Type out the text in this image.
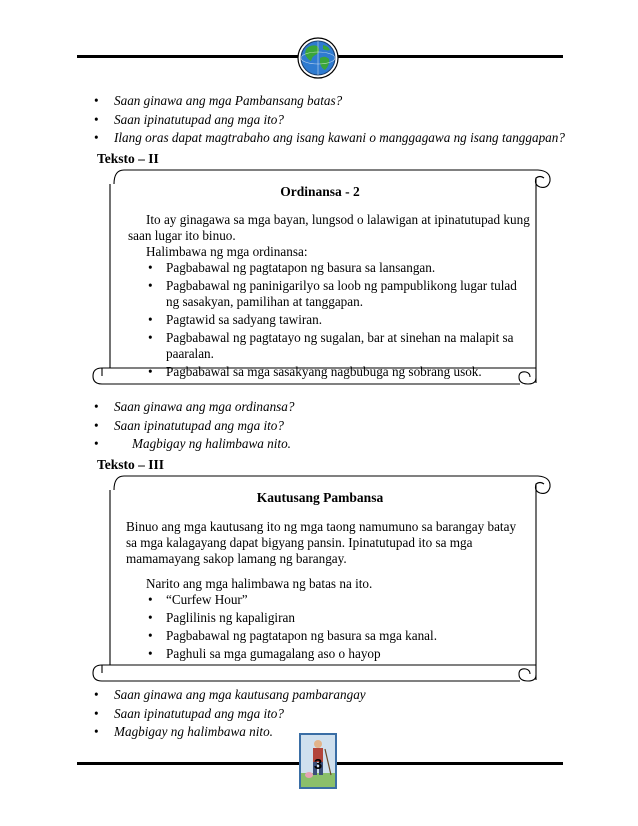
• Saan ginawa ang mga Pambansang batas?
• Saan ipinatutupad ang mga ito?
• Ilang oras dapat magtrabaho ang isang kawani o manggagawa ng isang tanggapan?
Teksto – II
Ordinansa - 2
Ito ay ginagawa sa mga bayan, lungsod o lalawigan at ipinatutupad kung
saan lugar ito binuo.
Halimbawa ng mga ordinansa:
• Pagbabawal ng pagtatapon ng basura sa lansangan.
• Pagbabawal ng paninigarilyo sa loob ng pampublikong lugar tulad ng sasakyan, pamilihan at tanggapan.
• Pagtawid sa sadyang tawiran.
• Pagbabawal ng pagtatayo ng sugalan, bar at sinehan na malapit sa paaralan.
• Pagbabawal sa mga sasakyang nagbubuga ng sobrang usok.
• Saan ginawa ang mga ordinansa?
• Saan ipinatutupad ang mga ito?
• Magbigay ng halimbawa nito.
Teksto – III
Kautusang Pambansa
Binuo ang mga kautusang ito ng mga taong namumuno sa barangay batay sa mga kalagayang dapat bigyang pansin. Ipinatutupad ito sa mga mamamayang sakop lamang ng barangay.
Narito ang mga halimbawa ng batas na ito.
• “Curfew Hour”
• Paglilinis ng kapaligiran
• Pagbabawal ng pagtatapon ng basura sa mga kanal.
• Paghuli sa mga gumagalang aso o hayop
• Saan ginawa ang mga kautusang pambarangay
• Saan ipinatutupad ang mga ito?
• Magbigay ng halimbawa nito.
3
